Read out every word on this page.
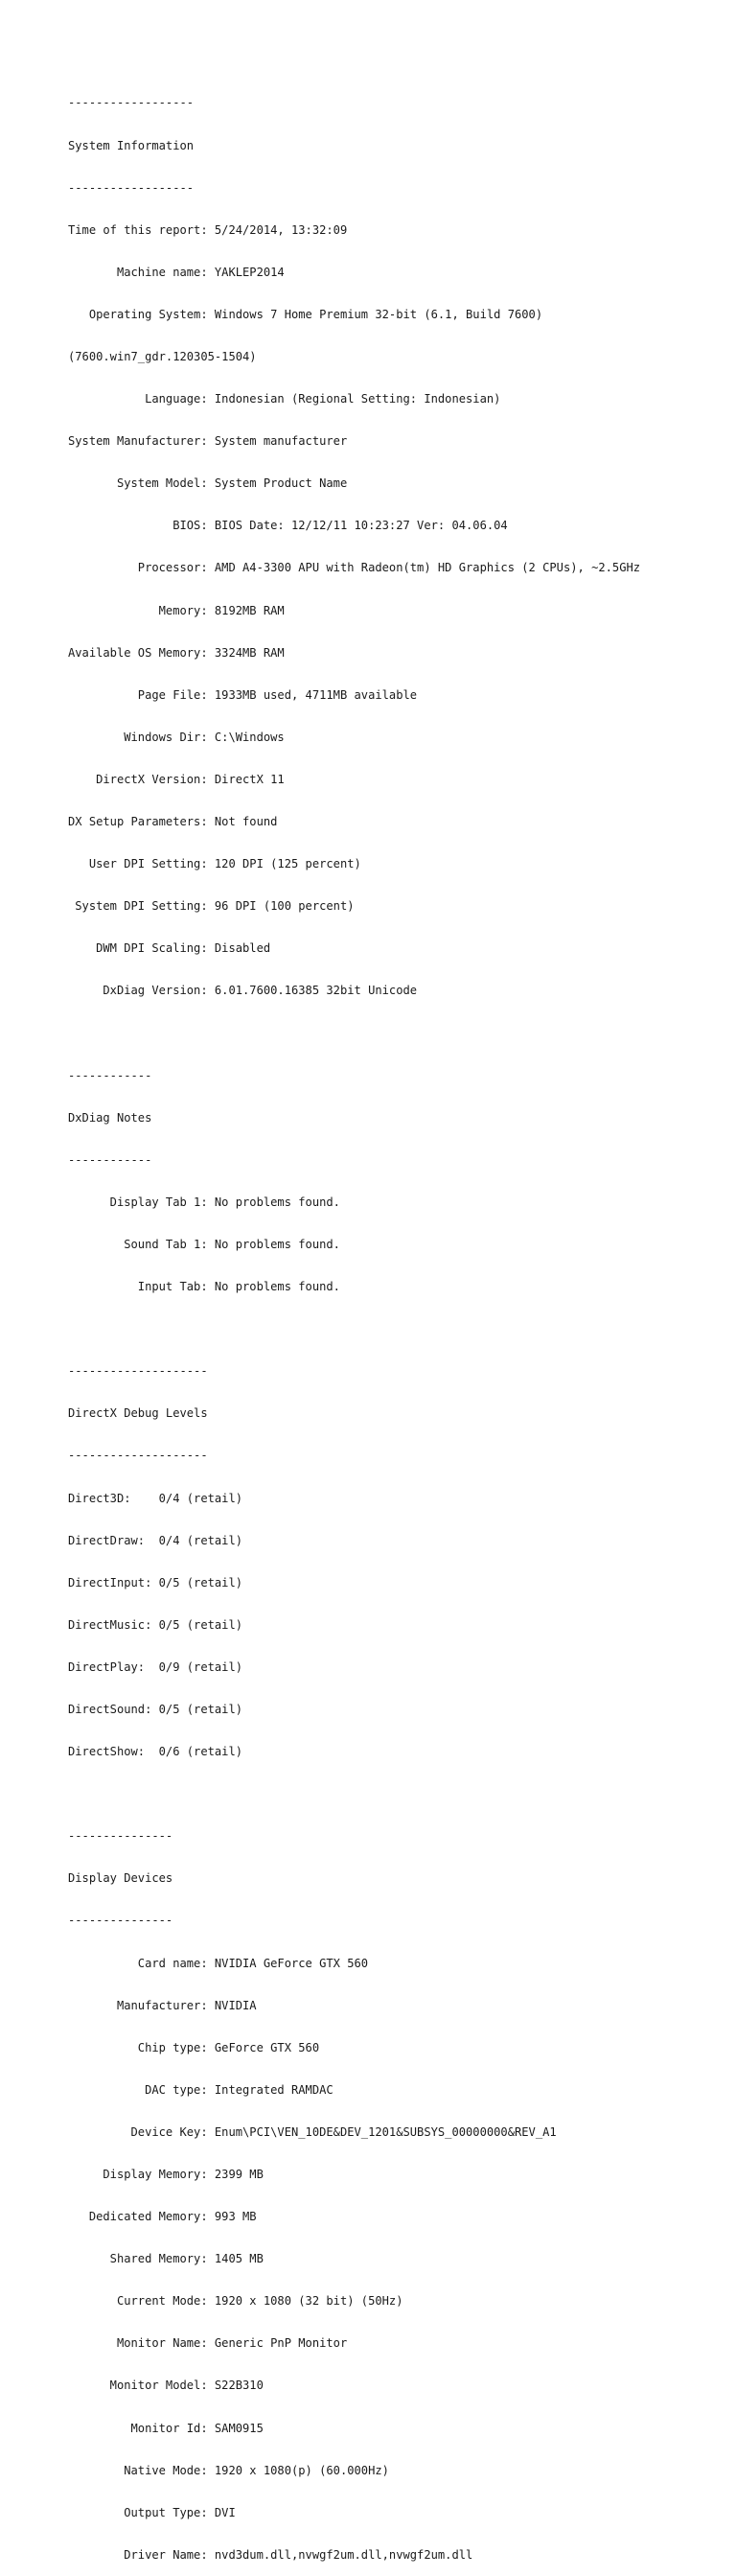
------------------

System Information

------------------

Time of this report: 5/24/2014, 13:32:09

Machine name: YAKLEP2014

Operating System: Windows 7 Home Premium 32-bit (6.1, Build 7600)

(7600.win7_gdr.120305-1504)

Language: Indonesian (Regional Setting: Indonesian)

System Manufacturer: System manufacturer

System Model: System Product Name

BIOS: BIOS Date: 12/12/11 10:23:27 Ver: 04.06.04

Processor: AMD A4-3300 APU with Radeon(tm) HD Graphics (2 CPUs), ~2.5GHz

Memory: 8192MB RAM

Available OS Memory: 3324MB RAM

Page File: 1933MB used, 4711MB available

Windows Dir: C:\Windows

DirectX Version: DirectX 11

DX Setup Parameters: Not found

User DPI Setting: 120 DPI (125 percent)

System DPI Setting: 96 DPI (100 percent)

DWM DPI Scaling: Disabled

DxDiag Version: 6.01.7600.16385 32bit Unicode

------------

DxDiag Notes

------------

Display Tab 1: No problems found.

Sound Tab 1: No problems found.

Input Tab: No problems found.

--------------------

DirectX Debug Levels

--------------------

Direct3D:    0/4 (retail)

DirectDraw:  0/4 (retail)

DirectInput: 0/5 (retail)

DirectMusic: 0/5 (retail)

DirectPlay:  0/9 (retail)

DirectSound: 0/5 (retail)

DirectShow:  0/6 (retail)

---------------

Display Devices

---------------

Card name: NVIDIA GeForce GTX 560

Manufacturer: NVIDIA

Chip type: GeForce GTX 560

DAC type: Integrated RAMDAC

Device Key: Enum\PCI\VEN_10DE&DEV_1201&SUBSYS_00000000&REV_A1

Display Memory: 2399 MB

Dedicated Memory: 993 MB

Shared Memory: 1405 MB

Current Mode: 1920 x 1080 (32 bit) (50Hz)

Monitor Name: Generic PnP Monitor

Monitor Model: S22B310

Monitor Id: SAM0915

Native Mode: 1920 x 1080(p) (60.000Hz)

Output Type: DVI

Driver Name: nvd3dum.dll,nvwgf2um.dll,nvwgf2um.dll
